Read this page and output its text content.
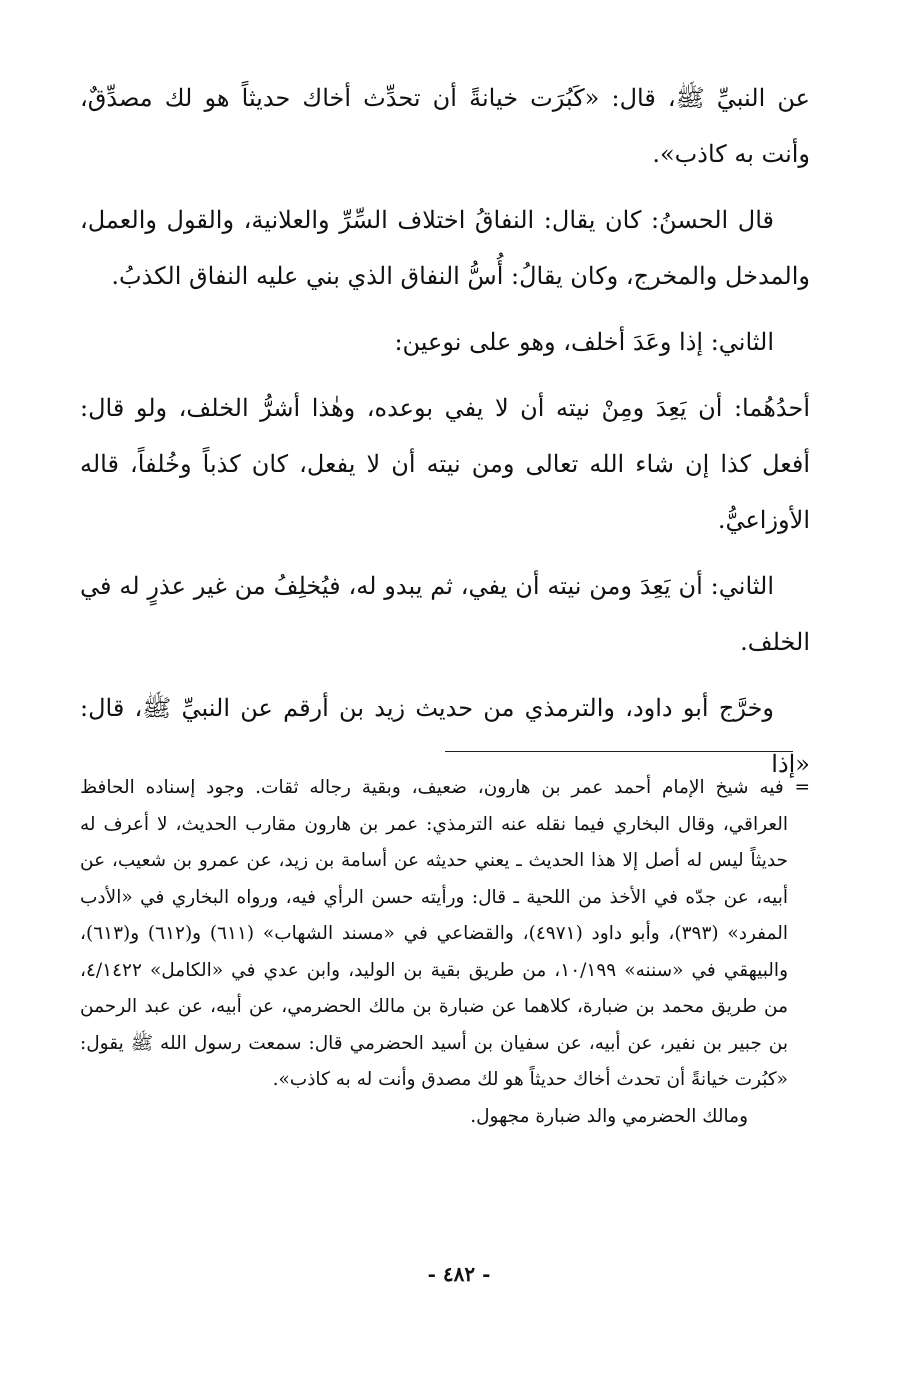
عن النبيِّ ﷺ، قال: «كَبُرَت خيانةً أن تحدِّث أخاك حديثاً هو لك مصدِّقٌ، وأنت به كاذب».

قال الحسنُ: كان يقال: النفاقُ اختلاف السِّرِّ والعلانية، والقول والعمل، والمدخل والمخرج، وكان يقالُ: أُسُّ النفاق الذي بني عليه النفاق الكذبُ.

الثاني: إذا وعَدَ أخلف، وهو على نوعين:

أحدُهُما: أن يَعِدَ ومِنْ نيته أن لا يفي بوعده، وهٰذا أشرُّ الخلف، ولو قال: أفعل كذا إن شاء الله تعالى ومن نيته أن لا يفعل، كان كذباً وخُلفاً، قاله الأوزاعيُّ.

الثاني: أن يَعِدَ ومن نيته أن يفي، ثم يبدو له، فيُخلِفُ من غير عذرٍ له في الخلف.

وخرَّج أبو داود، والترمذي من حديث زيد بن أرقم عن النبيِّ ﷺ، قال: «إذا

= فيه شيخ الإمام أحمد عمر بن هارون، ضعيف، وبقية رجاله ثقات. وجود إسناده الحافظ العراقي، وقال البخاري فيما نقله عنه الترمذي: عمر بن هارون مقارب الحديث، لا أعرف له حديثاً ليس له أصل إلا هذا الحديث ـ يعني حديثه عن أسامة بن زيد، عن عمرو بن شعيب، عن أبيه، عن جدّه في الأخذ من اللحية ـ قال: ورأيته حسن الرأي فيه، ورواه البخاري في «الأدب المفرد» (٣٩٣)، وأبو داود (٤٩٧١)، والقضاعي في «مسند الشهاب» (٦١١) و(٦١٢) و(٦١٣)، والبيهقي في «سننه» ١٠/١٩٩، من طريق بقية بن الوليد، وابن عدي في «الكامل» ٤/١٤٢٢، من طريق محمد بن ضبارة، كلاهما عن ضبارة بن مالك الحضرمي، عن أبيه، عن عبد الرحمن بن جبير بن نفير، عن أبيه، عن سفيان بن أسيد الحضرمي قال: سمعت رسول الله ﷺ يقول: «كبُرت خيانةً أن تحدث أخاك حديثاً هو لك مصدق وأنت له به كاذب».

ومالك الحضرمي والد ضبارة مجهول.

- ٤٨٢ -
